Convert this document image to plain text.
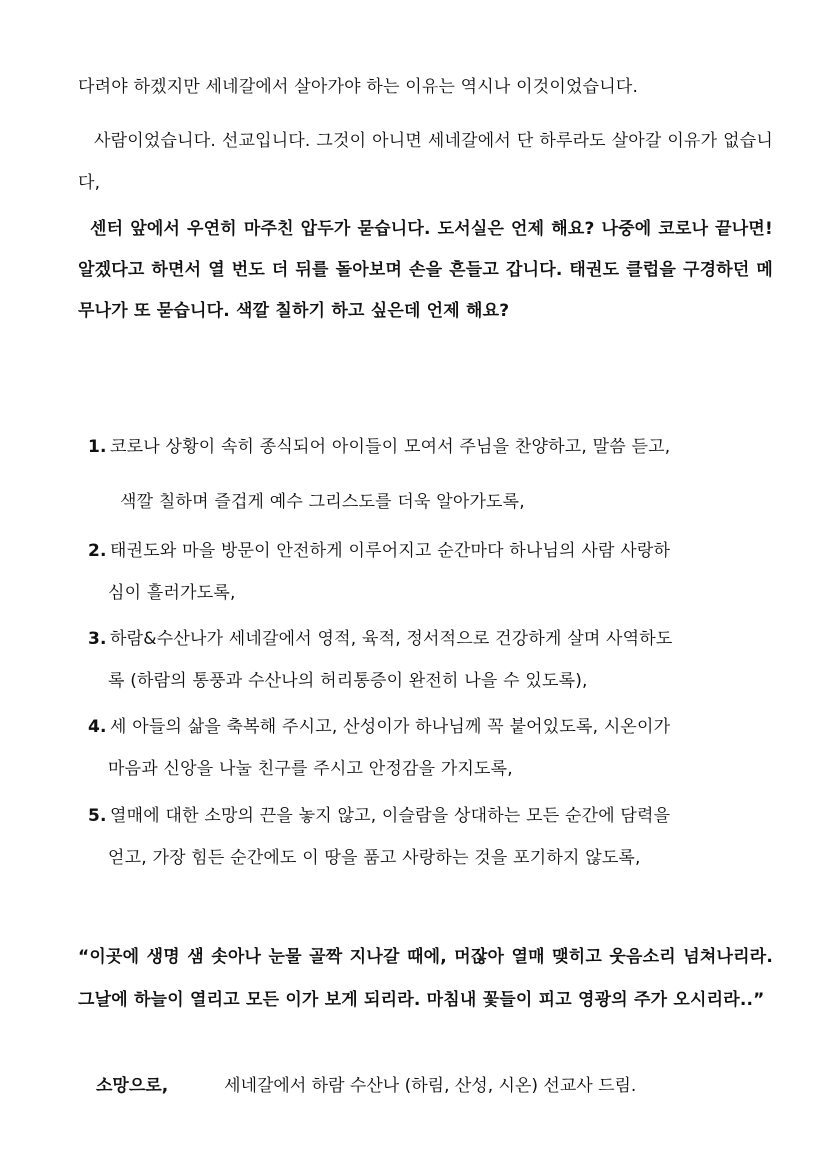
다려야 하겠지만 세네갈에서 살아가야 하는 이유는 역시나 이것이었습니다.

사람이었습니다. 선교입니다. 그것이 아니면 세네갈에서 단 하루라도 살아갈 이유가 없습니다,

센터 앞에서 우연히 마주친 압두가 묻습니다. 도서실은 언제 해요? 나중에 코로나 끝나면! 알겠다고 하면서 열 번도 더 뒤를 돌아보며 손을 흔들고 갑니다. 태권도 클럽을 구경하던 메무나가 또 묻습니다. 색깔 칠하기 하고 싶은데 언제 해요?

1. 코로나 상황이 속히 종식되어 아이들이 모여서 주님을 찬양하고, 말씀 듣고,
색깔 칠하며 즐겁게 예수 그리스도를 더욱 알아가도록,
2. 태권도와 마을 방문이 안전하게 이루어지고 순간마다 하나님의 사람 사랑하
심이 흘러가도록,
3. 하람&수산나가 세네갈에서 영적, 육적, 정서적으로 건강하게 살며 사역하도
록 (하람의 통풍과 수산나의 허리통증이 완전히 나을 수 있도록),
4. 세 아들의 삶을 축복해 주시고, 산성이가 하나님께 꼭 붙어있도록, 시온이가
마음과 신앙을 나눌 친구를 주시고 안정감을 가지도록,
5. 열매에 대한 소망의 끈을 놓지 않고, 이슬람을 상대하는 모든 순간에 담력을
얻고, 가장 힘든 순간에도 이 땅을 품고 사랑하는 것을 포기하지 않도록,

“이곳에 생명 샘 솟아나 눈물 골짝 지나갈 때에, 머잖아 열매 맺히고 웃음소리 넘쳐나리라. 그날에 하늘이 열리고 모든 이가 보게 되리라. 마침내 꽃들이 피고 영광의 주가 오시리라..”

소망으로,	세네갈에서 하람 수산나 (하림, 산성, 시온) 선교사 드림.
